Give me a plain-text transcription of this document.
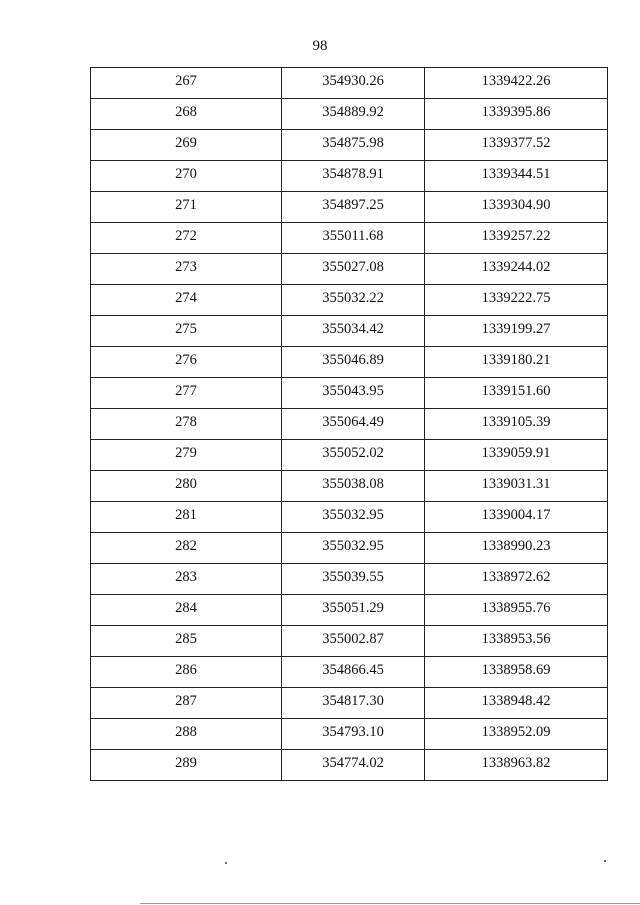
98
267	354930.26	1339422.26
268	354889.92	1339395.86
269	354875.98	1339377.52
270	354878.91	1339344.51
271	354897.25	1339304.90
272	355011.68	1339257.22
273	355027.08	1339244.02
274	355032.22	1339222.75
275	355034.42	1339199.27
276	355046.89	1339180.21
277	355043.95	1339151.60
278	355064.49	1339105.39
279	355052.02	1339059.91
280	355038.08	1339031.31
281	355032.95	1339004.17
282	355032.95	1338990.23
283	355039.55	1338972.62
284	355051.29	1338955.76
285	355002.87	1338953.56
286	354866.45	1338958.69
287	354817.30	1338948.42
288	354793.10	1338952.09
289	354774.02	1338963.82
